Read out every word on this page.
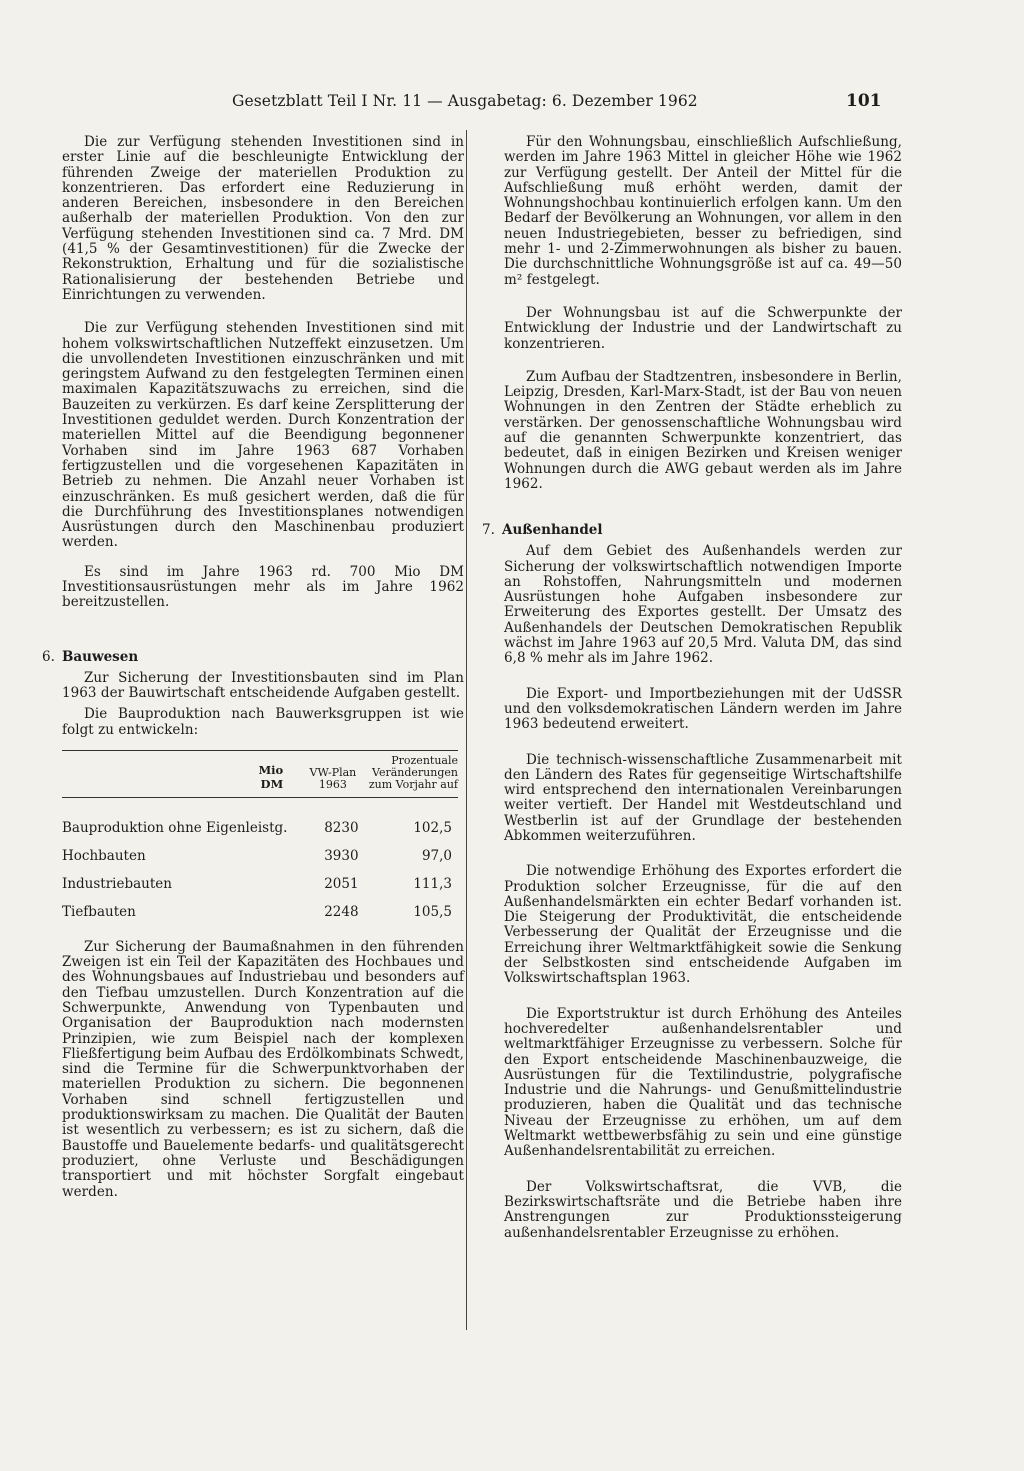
Gesetzblatt Teil I Nr. 11 — Ausgabetag: 6. Dezember 1962	101

Die zur Verfügung stehenden Investitionen sind in erster Linie auf die beschleunigte Entwicklung der führenden Zweige der materiellen Produktion zu konzentrieren. Das erfordert eine Reduzierung in anderen Bereichen, insbesondere in den Bereichen außerhalb der materiellen Produktion. Von den zur Verfügung stehenden Investitionen sind ca. 7 Mrd. DM (41,5 % der Gesamtinvestitionen) für die Zwecke der Rekonstruktion, Erhaltung und für die sozialistische Rationalisierung der bestehenden Betriebe und Einrichtungen zu verwenden.

Die zur Verfügung stehenden Investitionen sind mit hohem volkswirtschaftlichen Nutzeffekt einzusetzen. Um die unvollendeten Investitionen einzuschränken und mit geringstem Aufwand zu den festgelegten Terminen einen maximalen Kapazitätszuwachs zu erreichen, sind die Bauzeiten zu verkürzen. Es darf keine Zersplitterung der Investitionen geduldet werden. Durch Konzentration der materiellen Mittel auf die Beendigung begonnener Vorhaben sind im Jahre 1963 687 Vorhaben fertigzustellen und die vorgesehenen Kapazitäten in Betrieb zu nehmen. Die Anzahl neuer Vorhaben ist einzuschränken. Es muß gesichert werden, daß die für die Durchführung des Investitionsplanes notwendigen Ausrüstungen durch den Maschinenbau produziert werden.

Es sind im Jahre 1963 rd. 700 Mio DM Investitionsausrüstungen mehr als im Jahre 1962 bereitzustellen.

6. Bauwesen

Zur Sicherung der Investitionsbauten sind im Plan 1963 der Bauwirtschaft entscheidende Aufgaben gestellt.

Die Bauproduktion nach Bauwerksgruppen ist wie folgt zu entwickeln:

	Mio DM	VW-Plan 1963	Prozentuale Veränderungen zum Vorjahr auf
Bauproduktion ohne Eigenleistg.		8230	102,5
Hochbauten		3930	97,0
Industriebauten		2051	111,3
Tiefbauten		2248	105,5

Zur Sicherung der Baumaßnahmen in den führenden Zweigen ist ein Teil der Kapazitäten des Hochbaues und des Wohnungsbaues auf Industriebau und besonders auf den Tiefbau umzustellen. Durch Konzentration auf die Schwerpunkte, Anwendung von Typenbauten und Organisation der Bauproduktion nach modernsten Prinzipien, wie zum Beispiel nach der komplexen Fließfertigung beim Aufbau des Erdölkombinats Schwedt, sind die Termine für die Schwerpunktvorhaben der materiellen Produktion zu sichern. Die begonnenen Vorhaben sind schnell fertigzustellen und produktionswirksam zu machen. Die Qualität der Bauten ist wesentlich zu verbessern; es ist zu sichern, daß die Baustoffe und Bauelemente bedarfs- und qualitätsgerecht produziert, ohne Verluste und Beschädigungen transportiert und mit höchster Sorgfalt eingebaut werden.

Für den Wohnungsbau, einschließlich Aufschließung, werden im Jahre 1963 Mittel in gleicher Höhe wie 1962 zur Verfügung gestellt. Der Anteil der Mittel für die Aufschließung muß erhöht werden, damit der Wohnungshochbau kontinuierlich erfolgen kann. Um den Bedarf der Bevölkerung an Wohnungen, vor allem in den neuen Industriegebieten, besser zu befriedigen, sind mehr 1- und 2-Zimmerwohnungen als bisher zu bauen. Die durchschnittliche Wohnungsgröße ist auf ca. 49—50 m² festgelegt.

Der Wohnungsbau ist auf die Schwerpunkte der Entwicklung der Industrie und der Landwirtschaft zu konzentrieren.

Zum Aufbau der Stadtzentren, insbesondere in Berlin, Leipzig, Dresden, Karl-Marx-Stadt, ist der Bau von neuen Wohnungen in den Zentren der Städte erheblich zu verstärken. Der genossenschaftliche Wohnungsbau wird auf die genannten Schwerpunkte konzentriert, das bedeutet, daß in einigen Bezirken und Kreisen weniger Wohnungen durch die AWG gebaut werden als im Jahre 1962.

7. Außenhandel

Auf dem Gebiet des Außenhandels werden zur Sicherung der volkswirtschaftlich notwendigen Importe an Rohstoffen, Nahrungsmitteln und modernen Ausrüstungen hohe Aufgaben insbesondere zur Erweiterung des Exportes gestellt. Der Umsatz des Außenhandels der Deutschen Demokratischen Republik wächst im Jahre 1963 auf 20,5 Mrd. Valuta DM, das sind 6,8 % mehr als im Jahre 1962.

Die Export- und Importbeziehungen mit der UdSSR und den volksdemokratischen Ländern werden im Jahre 1963 bedeutend erweitert.

Die technisch-wissenschaftliche Zusammenarbeit mit den Ländern des Rates für gegenseitige Wirtschaftshilfe wird entsprechend den internationalen Vereinbarungen weiter vertieft. Der Handel mit Westdeutschland und Westberlin ist auf der Grundlage der bestehenden Abkommen weiterzuführen.

Die notwendige Erhöhung des Exportes erfordert die Produktion solcher Erzeugnisse, für die auf den Außenhandelsmärkten ein echter Bedarf vorhanden ist. Die Steigerung der Produktivität, die entscheidende Verbesserung der Qualität der Erzeugnisse und die Erreichung ihrer Weltmarktfähigkeit sowie die Senkung der Selbstkosten sind entscheidende Aufgaben im Volkswirtschaftsplan 1963.

Die Exportstruktur ist durch Erhöhung des Anteiles hochveredelter außenhandelsrentabler und weltmarktfähiger Erzeugnisse zu verbessern. Solche für den Export entscheidende Maschinenbauzweige, die Ausrüstungen für die Textilindustrie, polygrafische Industrie und die Nahrungs- und Genußmittelindustrie produzieren, haben die Qualität und das technische Niveau der Erzeugnisse zu erhöhen, um auf dem Weltmarkt wettbewerbsfähig zu sein und eine günstige Außenhandelsrentabilität zu erreichen.

Der Volkswirtschaftsrat, die VVB, die Bezirkswirtschaftsräte und die Betriebe haben ihre Anstrengungen zur Produktionssteigerung außenhandelsrentabler Erzeugnisse zu erhöhen.
